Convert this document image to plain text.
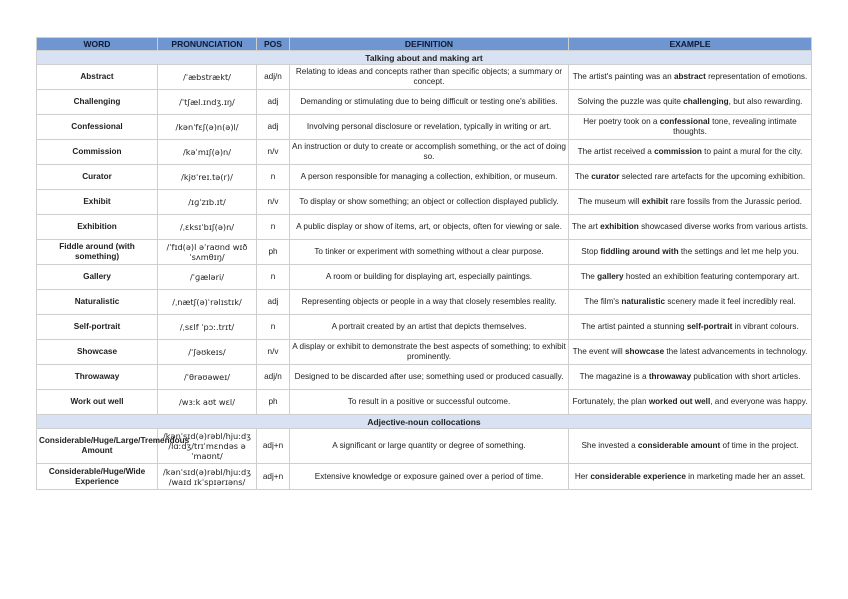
WORD	PRONUNCIATION	POS	DEFINITION	EXAMPLE
Talking about and making art				
Abstract	/ˈæbstrækt/	adj/n	Relating to ideas and concepts rather than specific objects; a summary or concept.	The artist's painting was an abstract representation of emotions.
Challenging	/ˈtʃæl.ɪndʒ.ɪŋ/	adj	Demanding or stimulating due to being difficult or testing one's abilities.	Solving the puzzle was quite challenging, but also rewarding.
Confessional	/kənˈfɛʃ(ə)n(ə)l/	adj	Involving personal disclosure or revelation, typically in writing or art.	Her poetry took on a confessional tone, revealing intimate thoughts.
Commission	/kəˈmɪʃ(ə)n/	n/v	An instruction or duty to create or accomplish something, or the act of doing so.	The artist received a commission to paint a mural for the city.
Curator	/kjʊˈreɪ.tə(r)/	n	A person responsible for managing a collection, exhibition, or museum.	The curator selected rare artefacts for the upcoming exhibition.
Exhibit	/ɪɡˈzɪb.ɪt/	n/v	To display or show something; an object or collection displayed publicly.	The museum will exhibit rare fossils from the Jurassic period.
Exhibition	/ˌɛksɪˈbɪʃ(ə)n/	n	A public display or show of items, art, or objects, often for viewing or sale.	The art exhibition showcased diverse works from various artists.
Fiddle around (with something)	/ˈfɪd(ə)l əˈraʊnd wɪð ˈsʌmθɪŋ/	ph	To tinker or experiment with something without a clear purpose.	Stop fiddling around with the settings and let me help you.
Gallery	/ˈɡæləri/	n	A room or building for displaying art, especially paintings.	The gallery hosted an exhibition featuring contemporary art.
Naturalistic	/ˌnætʃ(ə)ˈrəlɪstɪk/	adj	Representing objects or people in a way that closely resembles reality.	The film's naturalistic scenery made it feel incredibly real.
Self-portrait	/ˌsɛlf ˈpɔː.trɪt/	n	A portrait created by an artist that depicts themselves.	The artist painted a stunning self-portrait in vibrant colours.
Showcase	/ˈʃəʊkeɪs/	n/v	A display or exhibit to demonstrate the best aspects of something; to exhibit prominently.	The event will showcase the latest advancements in technology.
Throwaway	/ˈθrəʊəweɪ/	adj/n	Designed to be discarded after use; something used or produced casually.	The magazine is a throwaway publication with short articles.
Work out well	/wɜːk aʊt wɛl/	ph	To result in a positive or successful outcome.	Fortunately, the plan worked out well, and everyone was happy.
Adjective-noun collocations				
Considerable/Huge/Large/Tremendous Amount	/kənˈsɪd(ə)rəbl/hjuːdʒ /lɑːdʒ/trɪˈmɛndəs əˈmaʊnt/	adj+n	A significant or large quantity or degree of something.	She invested a considerable amount of time in the project.
Considerable/Huge/Wide Experience	/kənˈsɪd(ə)rəbl/hjuːdʒ /waɪd ɪkˈspɪərɪəns/	adj+n	Extensive knowledge or exposure gained over a period of time.	Her considerable experience in marketing made her an asset.
